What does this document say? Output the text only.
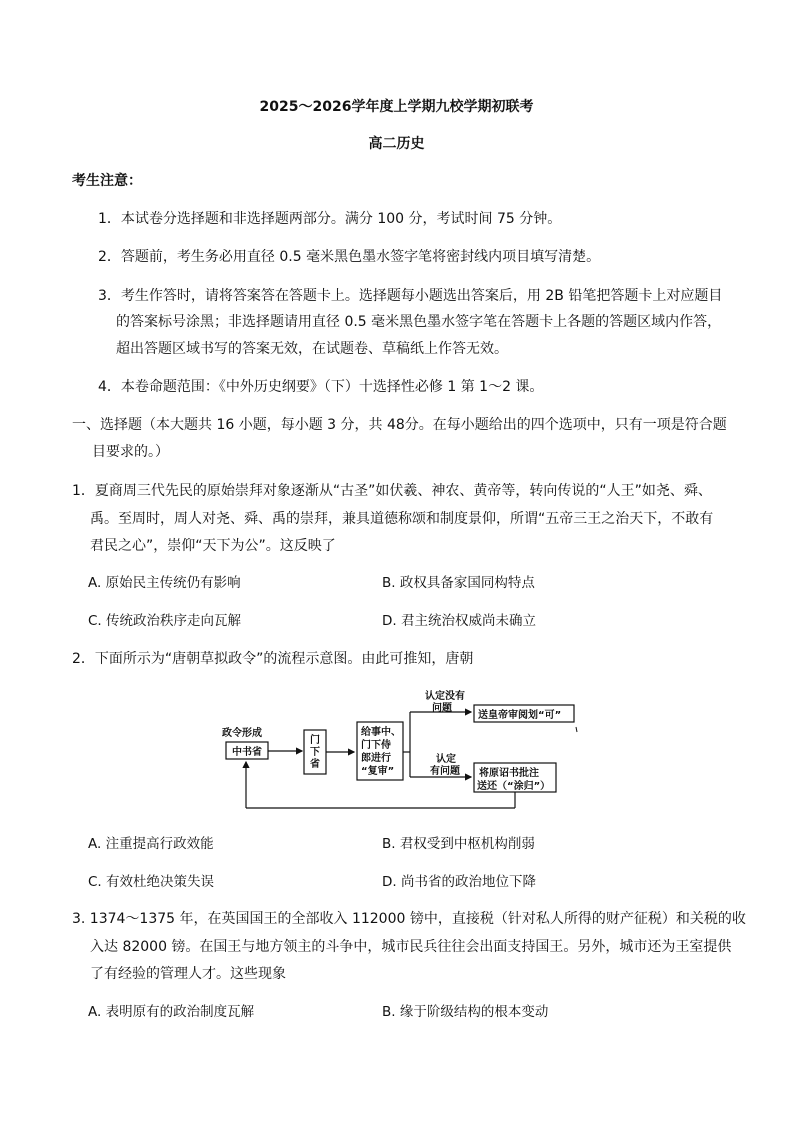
2025～2026学年度上学期九校学期初联考
高二历史
考生注意：
1．本试卷分选择题和非选择题两部分。满分 100 分，考试时间 75 分钟。
2．答题前，考生务必用直径 0.5 毫米黑色墨水签字笔将密封线内项目填写清楚。
3．考生作答时，请将答案答在答题卡上。选择题每小题选出答案后，用 2B 铅笔把答题卡上对应题目
的答案标号涂黑；非选择题请用直径 0.5 毫米黑色墨水签字笔在答题卡上各题的答题区域内作答，
超出答题区域书写的答案无效，在试题卷、草稿纸上作答无效。
4．本卷命题范围：《中外历史纲要》（下）十选择性必修 1 第 1～2 课。
一、选择题（本大题共 16 小题，每小题 3 分，共 48分。在每小题给出的四个选项中，只有一项是符合题
目要求的。）
1．夏商周三代先民的原始崇拜对象逐渐从“古圣”如伏羲、神农、黄帝等，转向传说的“人王”如尧、舜、
禹。至周时，周人对尧、舜、禹的崇拜，兼具道德称颂和制度景仰，所谓“五帝三王之治天下，不敢有
君民之心”，崇仰“天下为公”。这反映了
A. 原始民主传统仍有影响	B. 政权具备家国同构特点
C. 传统政治秩序走向瓦解	D. 君主统治权威尚未确立
2．下面所示为“唐朝草拟政令”的流程示意图。由此可推知，唐朝
政令形成
中书省
门
下
省
给事中、
门下侍
郎进行
“复审”
认定没有
问题
送皇帝审阅划“可”
认定
有问题 将原诏书批注
送还（“涂归”）
A. 注重提高行政效能	B. 君权受到中枢机构削弱
C. 有效杜绝决策失误	D. 尚书省的政治地位下降
3. 1374～1375 年，在英国国王的全部收入 112000 镑中，直接税（针对私人所得的财产征税）和关税的收
入达 82000 镑。在国王与地方领主的斗争中，城市民兵往往会出面支持国王。另外，城市还为王室提供
了有经验的管理人才。这些现象
A. 表明原有的政治制度瓦解	B. 缘于阶级结构的根本变动
